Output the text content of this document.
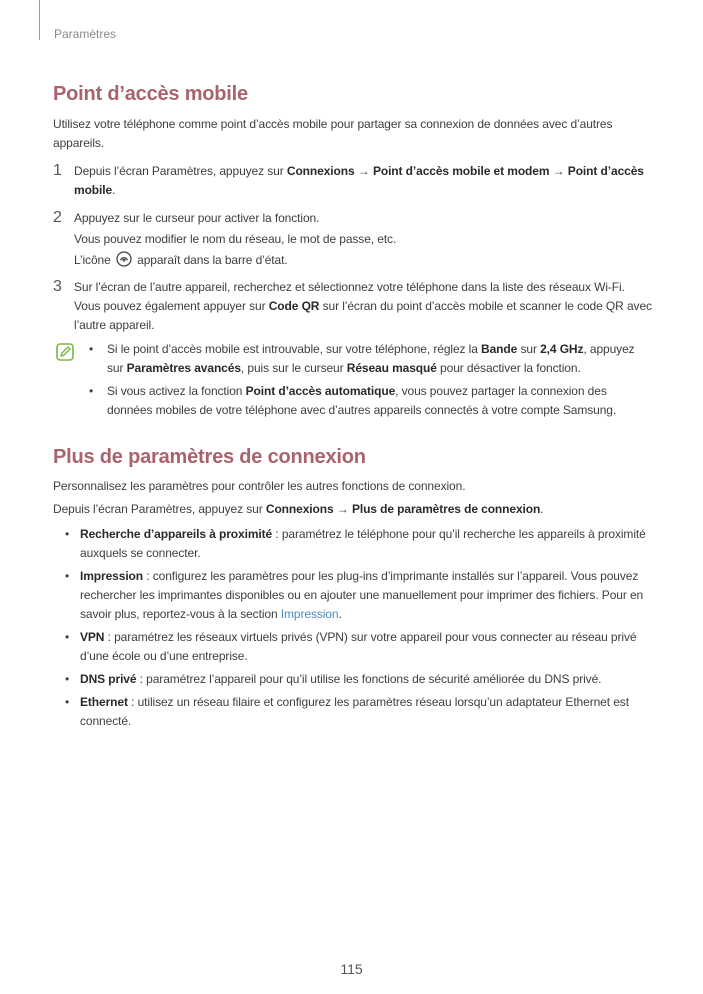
Paramètres
Point d’accès mobile

Utilisez votre téléphone comme point d’accès mobile pour partager sa connexion de données avec d’autres appareils.

1 Depuis l’écran Paramètres, appuyez sur Connexions → Point d’accès mobile et modem → Point d’accès mobile.
2 Appuyez sur le curseur pour activer la fonction.
Vous pouvez modifier le nom du réseau, le mot de passe, etc.
L’icône  apparaît dans la barre d’état.
3 Sur l’écran de l’autre appareil, recherchez et sélectionnez votre téléphone dans la liste des réseaux Wi-Fi.
Vous pouvez également appuyer sur Code QR sur l’écran du point d’accès mobile et scanner le code QR avec l’autre appareil.
• Si le point d’accès mobile est introuvable, sur votre téléphone, réglez la Bande sur 2,4 GHz, appuyez sur Paramètres avancés, puis sur le curseur Réseau masqué pour désactiver la fonction.
• Si vous activez la fonction Point d’accès automatique, vous pouvez partager la connexion des données mobiles de votre téléphone avec d’autres appareils connectés à votre compte Samsung.
Plus de paramètres de connexion

Personnalisez les paramètres pour contrôler les autres fonctions de connexion.

Depuis l’écran Paramètres, appuyez sur Connexions → Plus de paramètres de connexion.

• Recherche d’appareils à proximité : paramétrez le téléphone pour qu’il recherche les appareils à proximité auxquels se connecter.
• Impression : configurez les paramètres pour les plug-ins d’imprimante installés sur l’appareil. Vous pouvez rechercher les imprimantes disponibles ou en ajouter une manuellement pour imprimer des fichiers. Pour en savoir plus, reportez-vous à la section Impression.
• VPN : paramétrez les réseaux virtuels privés (VPN) sur votre appareil pour vous connecter au réseau privé d’une école ou d’une entreprise.
• DNS privé : paramétrez l’appareil pour qu’il utilise les fonctions de sécurité améliorée du DNS privé.
• Ethernet : utilisez un réseau filaire et configurez les paramètres réseau lorsqu’un adaptateur Ethernet est connecté.
115
